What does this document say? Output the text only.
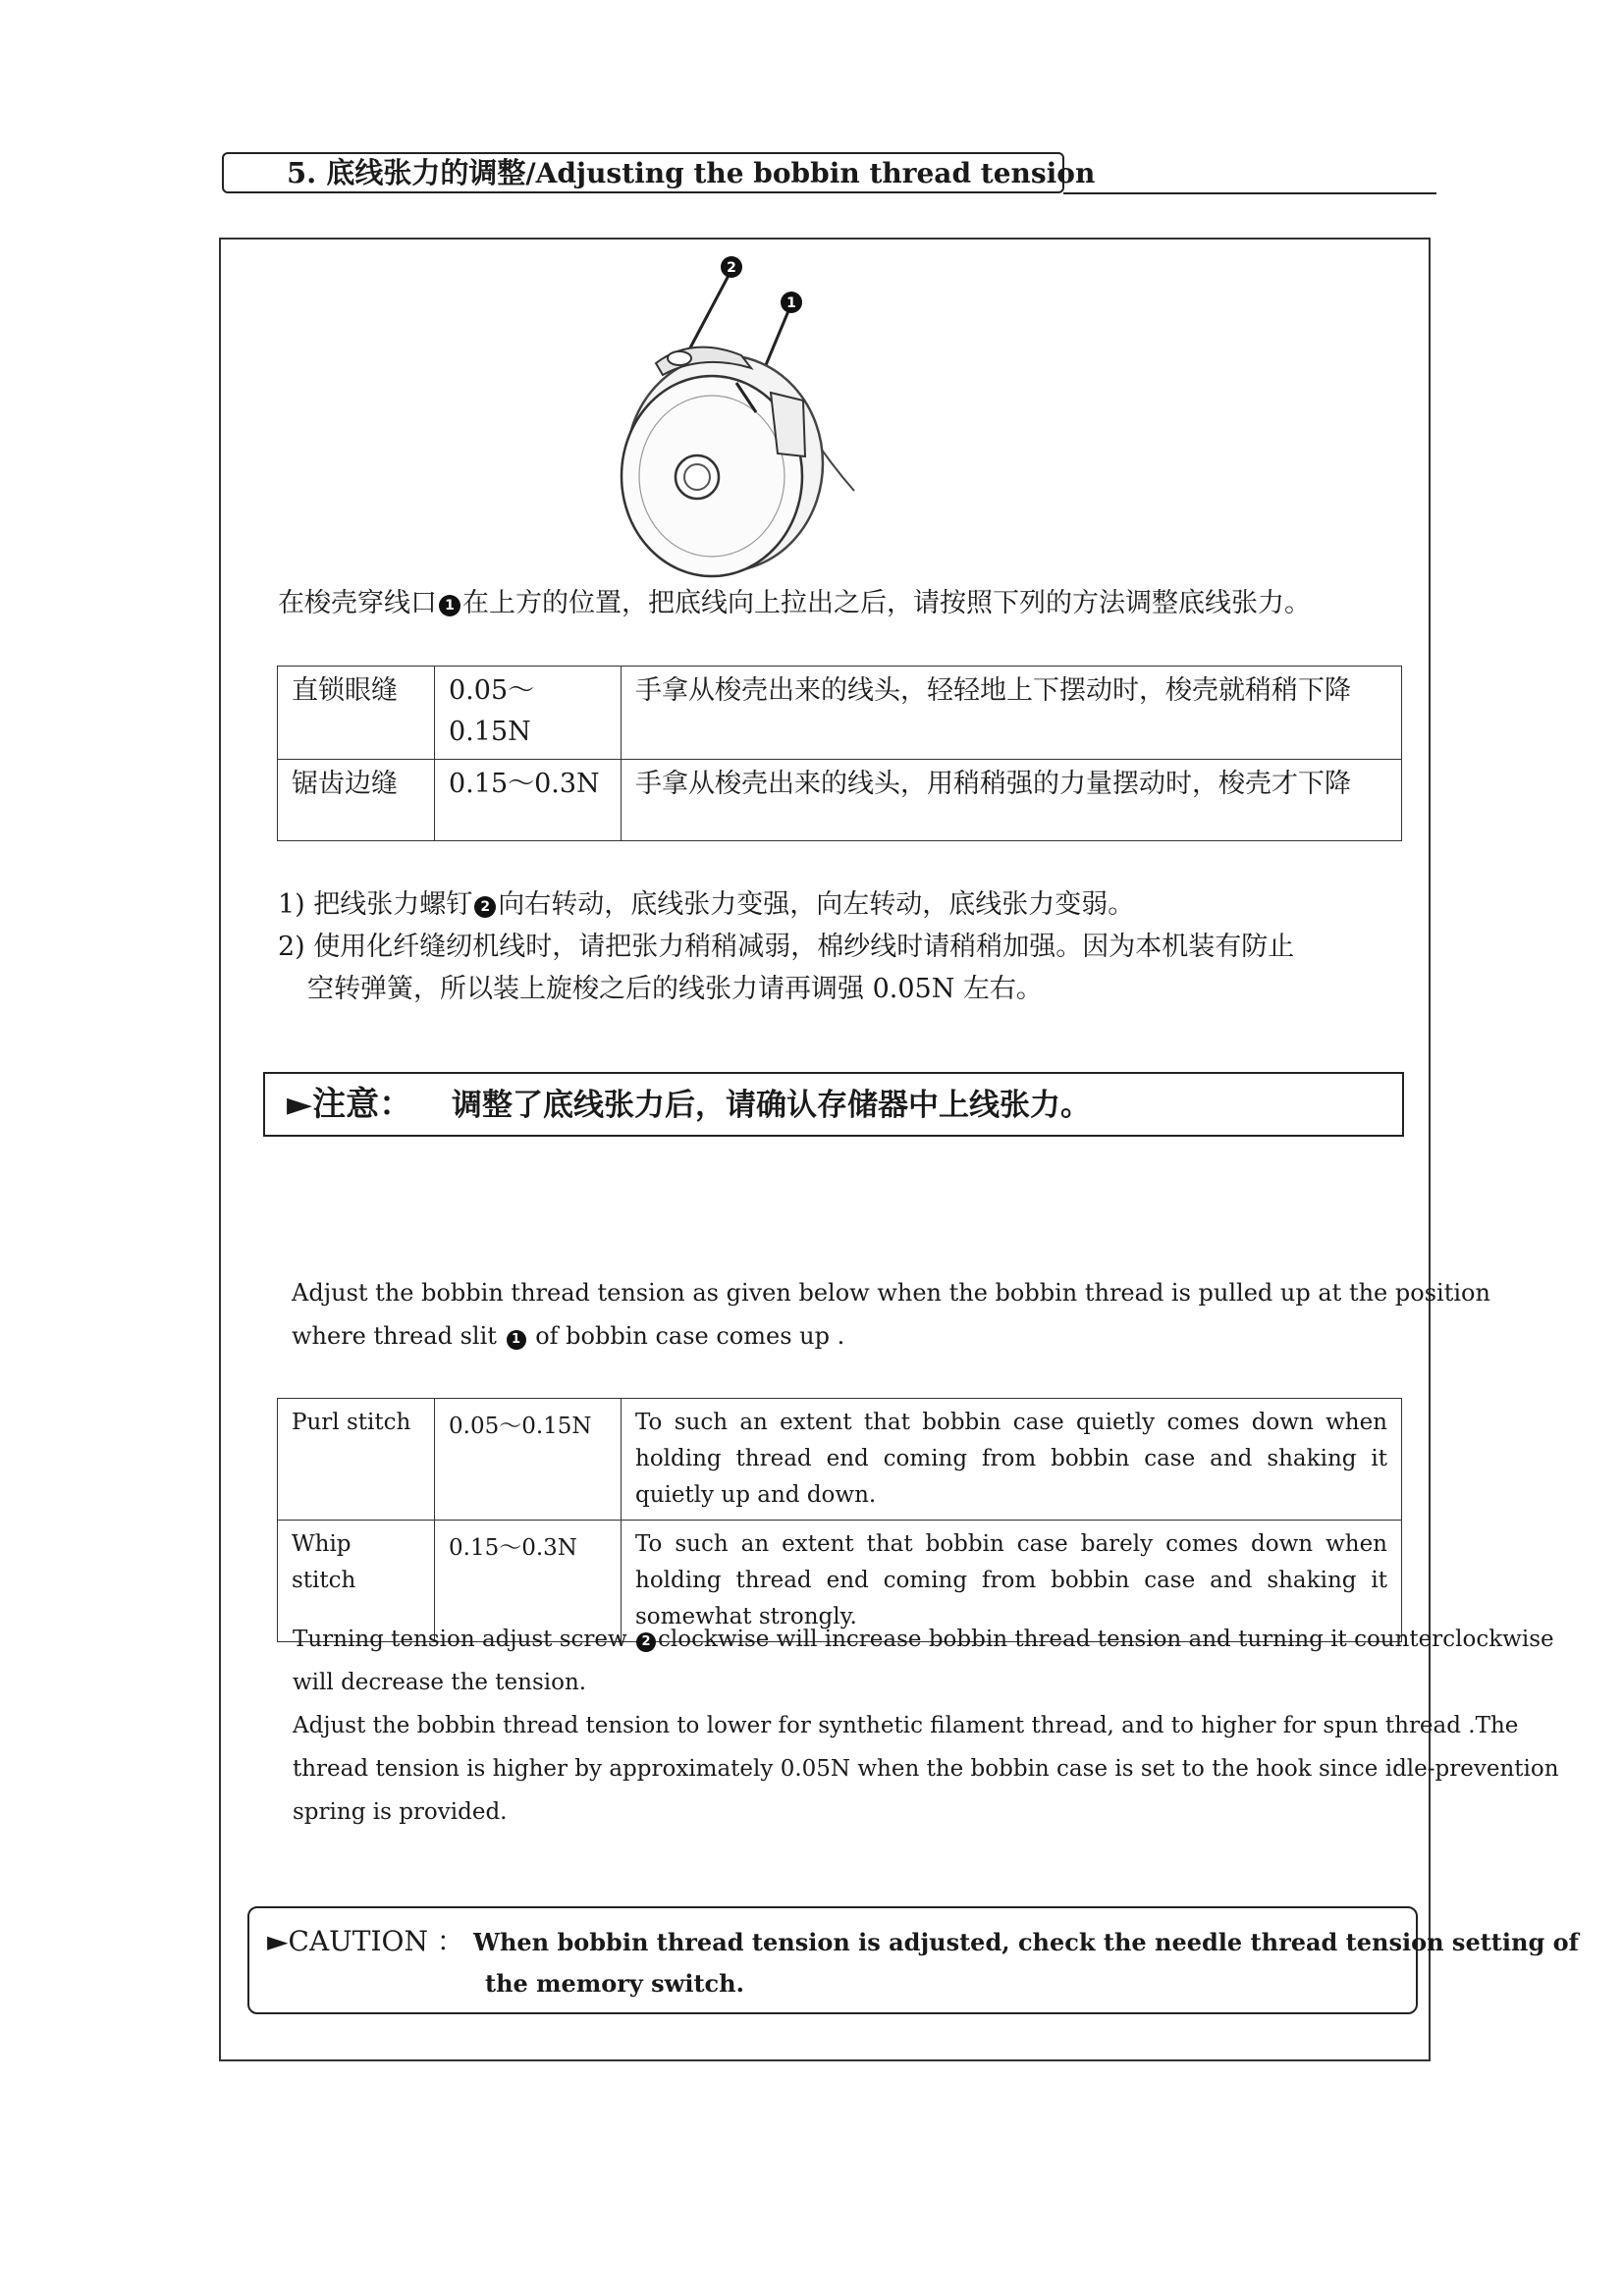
5. 底线张力的调整/Adjusting the bobbin thread tension
2
1
在梭壳穿线口 1 在上方的位置，把底线向上拉出之后，请按照下列的方法调整底线张力。
直锁眼缝	0.05～0.15N	手拿从梭壳出来的线头，轻轻地上下摆动时，梭壳就稍稍下降
锯齿边缝	0.15～0.3N	手拿从梭壳出来的线头，用稍稍强的力量摆动时，梭壳才下降

1) 把线张力螺钉 2 向右转动，底线张力变强，向左转动，底线张力变弱。

2) 使用化纤缝纫机线时，请把张力稍稍减弱，棉纱线时请稍稍加强。因为本机装有防止

空转弹簧，所以装上旋梭之后的线张力请再调强 0.05N 左右。

►注意： 调整了底线张力后，请确认存储器中上线张力。

Adjust the bobbin thread tension as given below when the bobbin thread is pulled up at the position

where thread slit 1 of bobbin case comes up .

Purl stitch	0.05～0.15N	To such an extent that bobbin case quietly comes down when holding thread end coming from bobbin case and shaking it quietly up and down.
Whip stitch	0.15～0.3N	To such an extent that bobbin case barely comes down when holding thread end coming from bobbin case and shaking it somewhat strongly.

Turning tension adjust screw 2 clockwise will increase bobbin thread tension and turning it counterclockwise

will decrease the tension.

Adjust the bobbin thread tension to lower for synthetic filament thread, and to higher for spun thread .The

thread tension is higher by approximately 0.05N when the bobbin case is set to the hook since idle-prevention

spring is provided.

►CAUTION ： When bobbin thread tension is adjusted, check the needle thread tension setting of
the memory switch.
